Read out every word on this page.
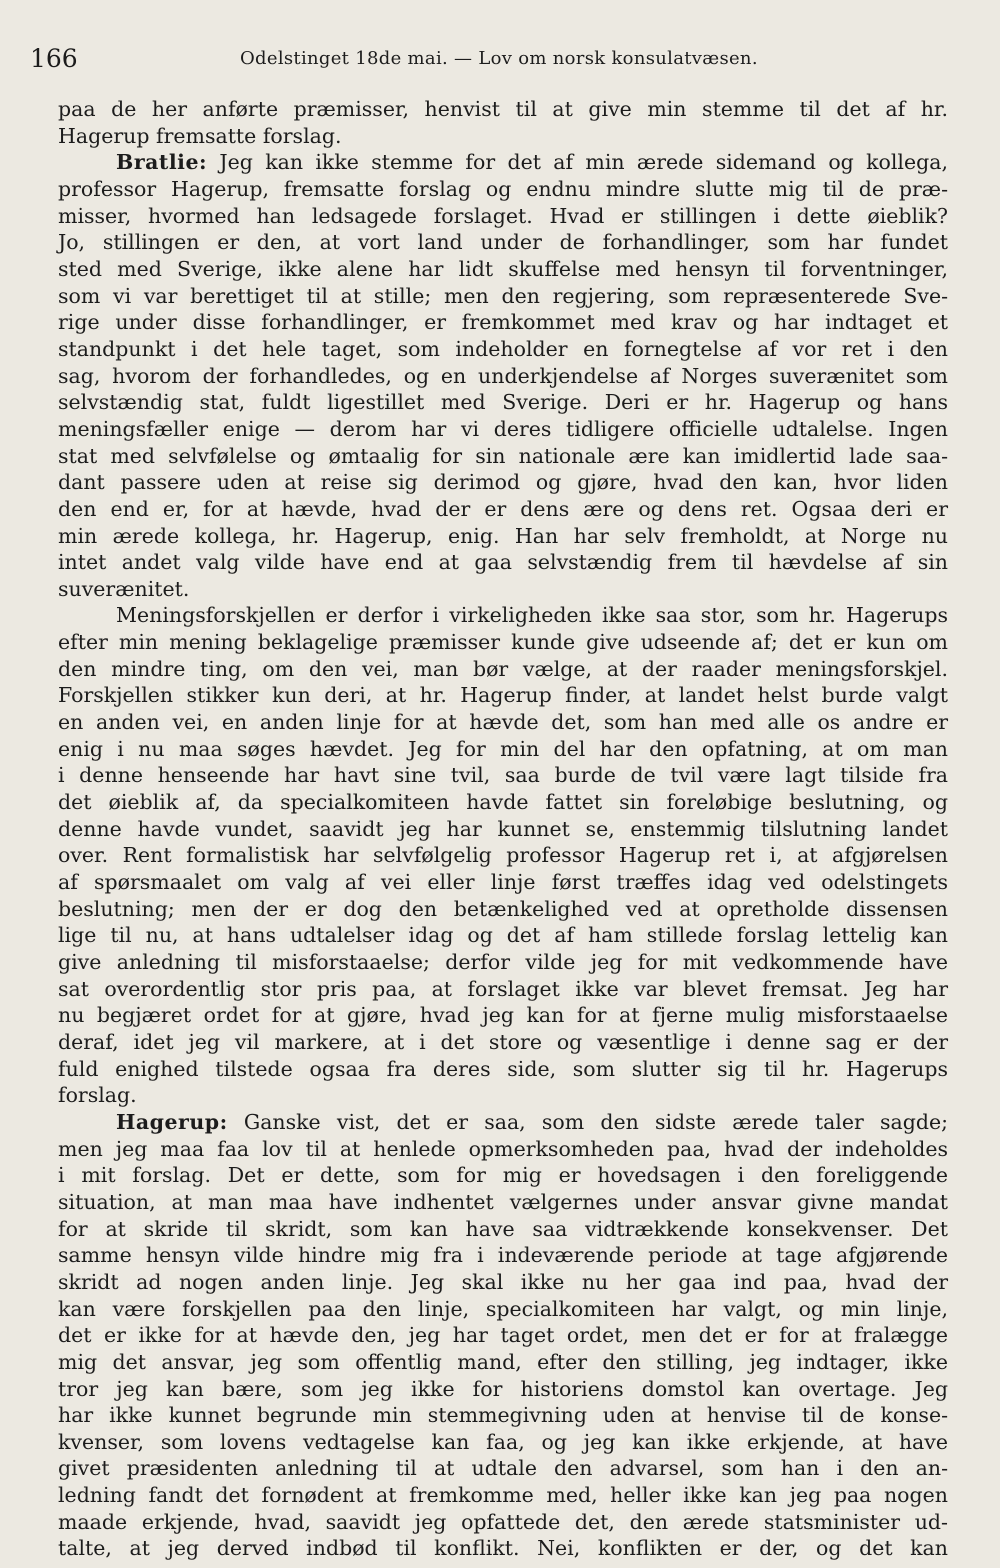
166	Odelstinget 18de mai. — Lov om norsk konsulatvæsen.
paa de her anførte præmisser, henvist til at give min stemme til det af hr.
Hagerup fremsatte forslag.
Bratlie: Jeg kan ikke stemme for det af min ærede sidemand og kollega,
professor Hagerup, fremsatte forslag og endnu mindre slutte mig til de præ-
misser, hvormed han ledsagede forslaget. Hvad er stillingen i dette øieblik?
Jo, stillingen er den, at vort land under de forhandlinger, som har fundet
sted med Sverige, ikke alene har lidt skuffelse med hensyn til forventninger,
som vi var berettiget til at stille; men den regjering, som repræsenterede Sve-
rige under disse forhandlinger, er fremkommet med krav og har indtaget et
standpunkt i det hele taget, som indeholder en fornegtelse af vor ret i den
sag, hvorom der forhandledes, og en underkjendelse af Norges suverænitet som
selvstændig stat, fuldt ligestillet med Sverige. Deri er hr. Hagerup og hans
meningsfæller enige — derom har vi deres tidligere officielle udtalelse. Ingen
stat med selvfølelse og ømtaalig for sin nationale ære kan imidlertid lade saa-
dant passere uden at reise sig derimod og gjøre, hvad den kan, hvor liden
den end er, for at hævde, hvad der er dens ære og dens ret. Ogsaa deri er
min ærede kollega, hr. Hagerup, enig. Han har selv fremholdt, at Norge nu
intet andet valg vilde have end at gaa selvstændig frem til hævdelse af sin
suverænitet.
Meningsforskjellen er derfor i virkeligheden ikke saa stor, som hr. Hagerups
efter min mening beklagelige præmisser kunde give udseende af; det er kun om
den mindre ting, om den vei, man bør vælge, at der raader meningsforskjel.
Forskjellen stikker kun deri, at hr. Hagerup finder, at landet helst burde valgt
en anden vei, en anden linje for at hævde det, som han med alle os andre er
enig i nu maa søges hævdet. Jeg for min del har den opfatning, at om man
i denne henseende har havt sine tvil, saa burde de tvil være lagt tilside fra
det øieblik af, da specialkomiteen havde fattet sin foreløbige beslutning, og
denne havde vundet, saavidt jeg har kunnet se, enstemmig tilslutning landet
over. Rent formalistisk har selvfølgelig professor Hagerup ret i, at afgjørelsen
af spørsmaalet om valg af vei eller linje først træffes idag ved odelstingets
beslutning; men der er dog den betænkelighed ved at opretholde dissensen
lige til nu, at hans udtalelser idag og det af ham stillede forslag lettelig kan
give anledning til misforstaaelse; derfor vilde jeg for mit vedkommende have
sat overordentlig stor pris paa, at forslaget ikke var blevet fremsat. Jeg har
nu begjæret ordet for at gjøre, hvad jeg kan for at fjerne mulig misforstaaelse
deraf, idet jeg vil markere, at i det store og væsentlige i denne sag er der
fuld enighed tilstede ogsaa fra deres side, som slutter sig til hr. Hagerups
forslag.
Hagerup: Ganske vist, det er saa, som den sidste ærede taler sagde;
men jeg maa faa lov til at henlede opmerksomheden paa, hvad der indeholdes
i mit forslag. Det er dette, som for mig er hovedsagen i den foreliggende
situation, at man maa have indhentet vælgernes under ansvar givne mandat
for at skride til skridt, som kan have saa vidtrækkende konsekvenser. Det
samme hensyn vilde hindre mig fra i indeværende periode at tage afgjørende
skridt ad nogen anden linje. Jeg skal ikke nu her gaa ind paa, hvad der
kan være forskjellen paa den linje, specialkomiteen har valgt, og min linje,
det er ikke for at hævde den, jeg har taget ordet, men det er for at fralægge
mig det ansvar, jeg som offentlig mand, efter den stilling, jeg indtager, ikke
tror jeg kan bære, som jeg ikke for historiens domstol kan overtage. Jeg
har ikke kunnet begrunde min stemmegivning uden at henvise til de konse-
kvenser, som lovens vedtagelse kan faa, og jeg kan ikke erkjende, at have
givet præsidenten anledning til at udtale den advarsel, som han i den an-
ledning fandt det fornødent at fremkomme med, heller ikke kan jeg paa nogen
maade erkjende, hvad, saavidt jeg opfattede det, den ærede statsminister ud-
talte, at jeg derved indbød til konflikt. Nei, konflikten er der, og det kan
